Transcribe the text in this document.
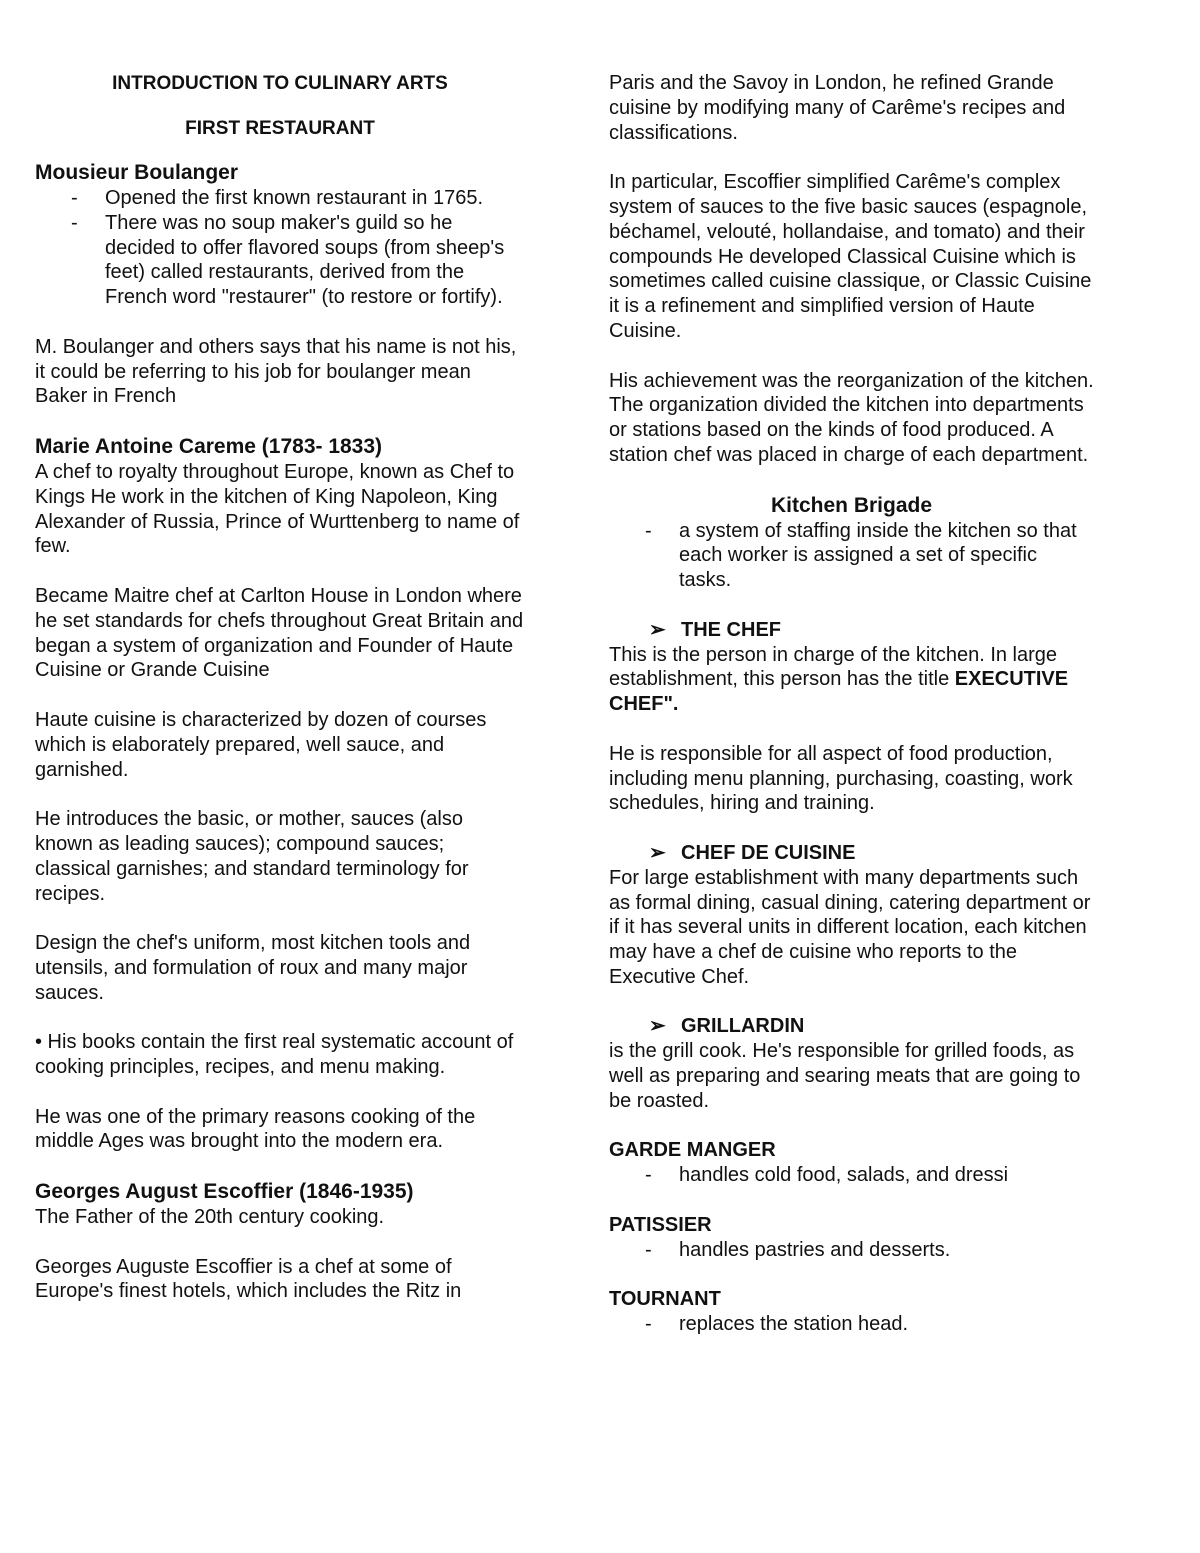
INTRODUCTION TO CULINARY ARTS

FIRST RESTAURANT

Mousieur Boulanger

- Opened the first known restaurant in 1765.
- There was no soup maker's guild so he decided to offer flavored soups (from sheep's feet) called restaurants, derived from the French word "restaurer" (to restore or fortify).

M. Boulanger and others says that his name is not his, it could be referring to his job for boulanger mean Baker in French

Marie Antoine Careme (1783- 1833)

A chef to royalty throughout Europe, known as Chef to Kings He work in the kitchen of King Napoleon, King Alexander of Russia, Prince of Wurttenberg to name of few.

Became Maitre chef at Carlton House in London where he set standards for chefs throughout Great Britain and began a system of organization and Founder of Haute Cuisine or Grande Cuisine

Haute cuisine is characterized by dozen of courses which is elaborately prepared, well sauce, and garnished.

He introduces the basic, or mother, sauces (also known as leading sauces); compound sauces; classical garnishes; and standard terminology for recipes.

Design the chef's uniform, most kitchen tools and utensils, and formulation of roux and many major sauces.

• His books contain the first real systematic account of cooking principles, recipes, and menu making.

He was one of the primary reasons cooking of the middle Ages was brought into the modern era.

Georges August Escoffier (1846-1935)

The Father of the 20th century cooking.

Georges Auguste Escoffier is a chef at some of Europe's finest hotels, which includes the Ritz in

Paris and the Savoy in London, he refined Grande cuisine by modifying many of Carême's recipes and classifications.

In particular, Escoffier simplified Carême's complex system of sauces to the five basic sauces (espagnole, béchamel, velouté, hollandaise, and tomato) and their compounds He developed Classical Cuisine which is sometimes called cuisine classique, or Classic Cuisine it is a refinement and simplified version of Haute Cuisine.

His achievement was the reorganization of the kitchen. The organization divided the kitchen into departments or stations based on the kinds of food produced. A station chef was placed in charge of each department.

Kitchen Brigade

- a system of staffing inside the kitchen so that each worker is assigned a set of specific tasks.

➢ THE CHEF

This is the person in charge of the kitchen. In large establishment, this person has the title EXECUTIVE CHEF".

He is responsible for all aspect of food production, including menu planning, purchasing, coasting, work schedules, hiring and training.

➢ CHEF DE CUISINE

For large establishment with many departments such as formal dining, casual dining, catering department or if it has several units in different location, each kitchen may have a chef de cuisine who reports to the Executive Chef.

➢ GRILLARDIN

is the grill cook. He's responsible for grilled foods, as well as preparing and searing meats that are going to be roasted.

GARDE MANGER

- handles cold food, salads, and dressi

PATISSIER

- handles pastries and desserts.

TOURNANT

- replaces the station head.
